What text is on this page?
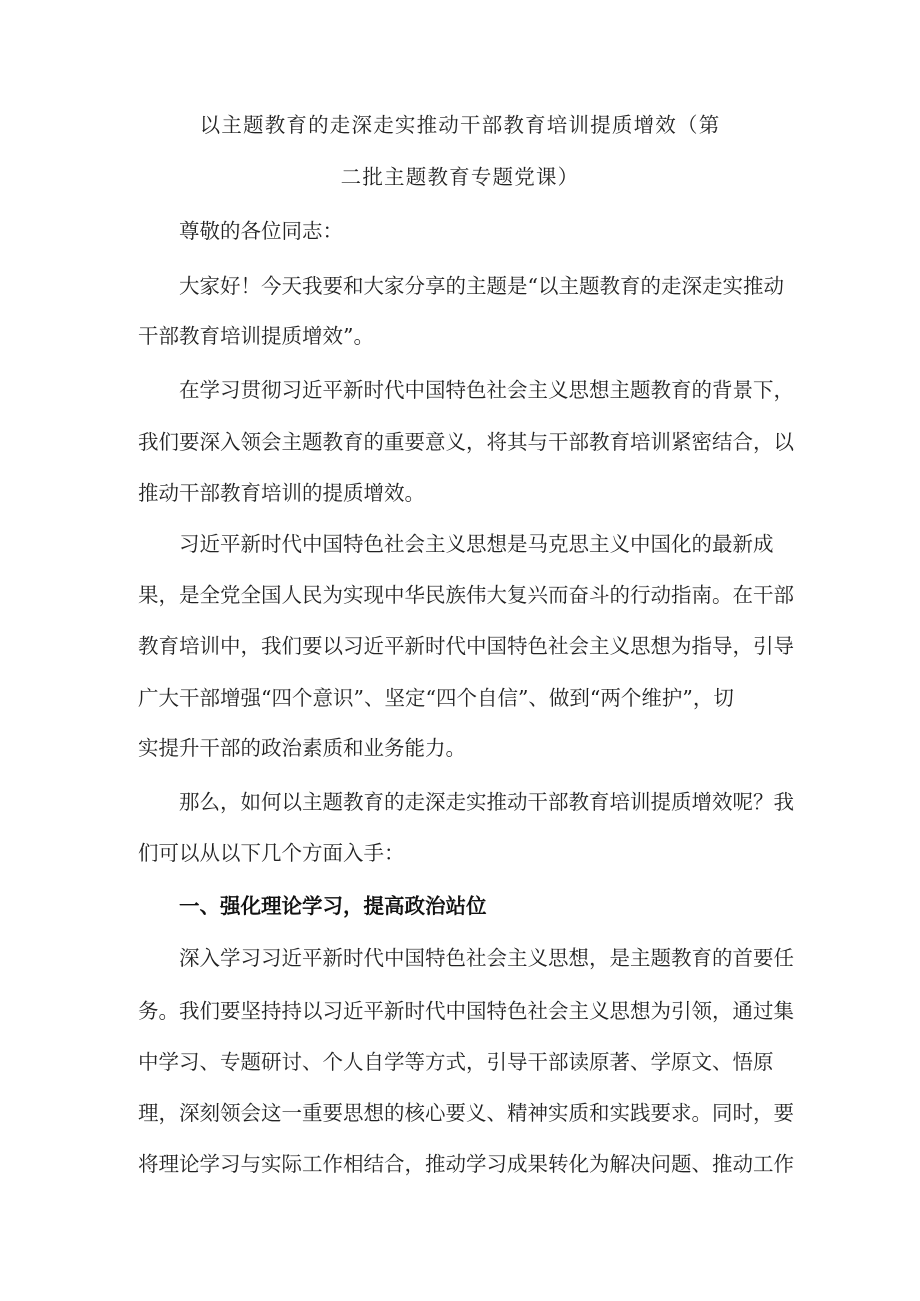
以主题教育的走深走实推动干部教育培训提质增效（第
二批主题教育专题党课）

尊敬的各位同志：

大家好！今天我要和大家分享的主题是“以主题教育的走深走实推动

干部教育培训提质增效”。

在学习贯彻习近平新时代中国特色社会主义思想主题教育的背景下，

我们要深入领会主题教育的重要意义，将其与干部教育培训紧密结合，以

推动干部教育培训的提质增效。

习近平新时代中国特色社会主义思想是马克思主义中国化的最新成

果，是全党全国人民为实现中华民族伟大复兴而奋斗的行动指南。在干部

教育培训中，我们要以习近平新时代中国特色社会主义思想为指导，引导

广大干部增强“四个意识”、坚定“四个自信”、做到“两个维护”，切

实提升干部的政治素质和业务能力。

那么，如何以主题教育的走深走实推动干部教育培训提质增效呢？我

们可以从以下几个方面入手：

一、强化理论学习，提高政治站位

深入学习习近平新时代中国特色社会主义思想，是主题教育的首要任

务。我们要坚持持以习近平新时代中国特色社会主义思想为引领，通过集

中学习、专题研讨、个人自学等方式，引导干部读原著、学原文、悟原

理，深刻领会这一重要思想的核心要义、精神实质和实践要求。同时，要

将理论学习与实际工作相结合，推动学习成果转化为解决问题、推动工作
